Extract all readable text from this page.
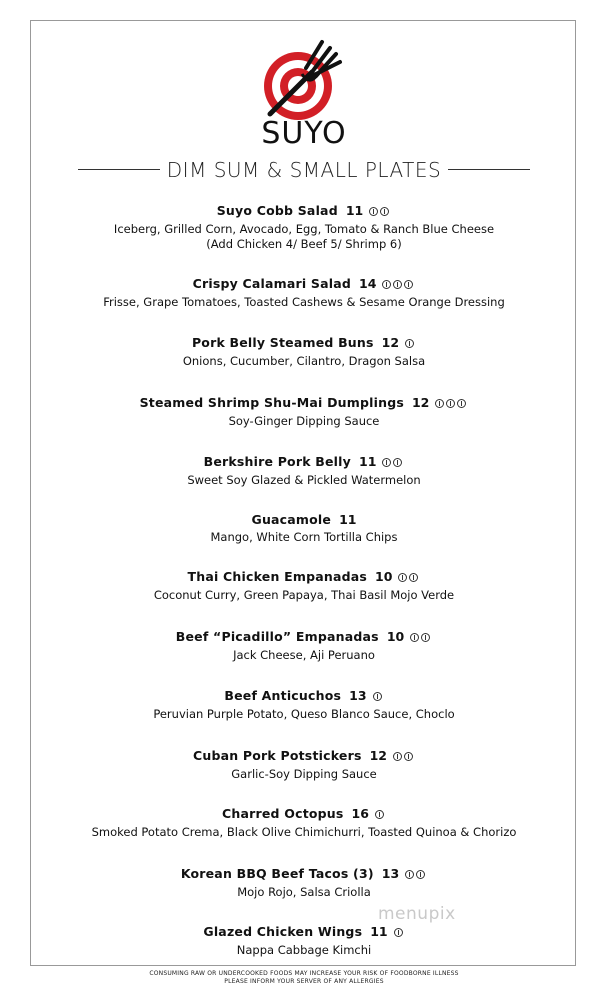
SUYO
DIM SUM & SMALL PLATES
Suyo Cobb Salad 11
Iceberg, Grilled Corn, Avocado, Egg, Tomato & Ranch Blue Cheese
(Add Chicken 4/ Beef 5/ Shrimp 6)
Crispy Calamari Salad 14
Frisse, Grape Tomatoes, Toasted Cashews & Sesame Orange Dressing
Pork Belly Steamed Buns 12
Onions, Cucumber, Cilantro, Dragon Salsa
Steamed Shrimp Shu-Mai Dumplings 12
Soy-Ginger Dipping Sauce
Berkshire Pork Belly 11
Sweet Soy Glazed & Pickled Watermelon
Guacamole 11
Mango, White Corn Tortilla Chips
Thai Chicken Empanadas 10
Coconut Curry, Green Papaya, Thai Basil Mojo Verde
Beef “Picadillo” Empanadas 10
Jack Cheese, Aji Peruano
Beef Anticuchos 13
Peruvian Purple Potato, Queso Blanco Sauce, Choclo
Cuban Pork Potstickers 12
Garlic-Soy Dipping Sauce
Charred Octopus 16
Smoked Potato Crema, Black Olive Chimichurri, Toasted Quinoa & Chorizo
Korean BBQ Beef Tacos (3) 13
Mojo Rojo, Salsa Criolla
menupix
Glazed Chicken Wings 11
Nappa Cabbage Kimchi
CONSUMING RAW OR UNDERCOOKED FOODS MAY INCREASE YOUR RISK OF FOODBORNE ILLNESS
PLEASE INFORM YOUR SERVER OF ANY ALLERGIES
